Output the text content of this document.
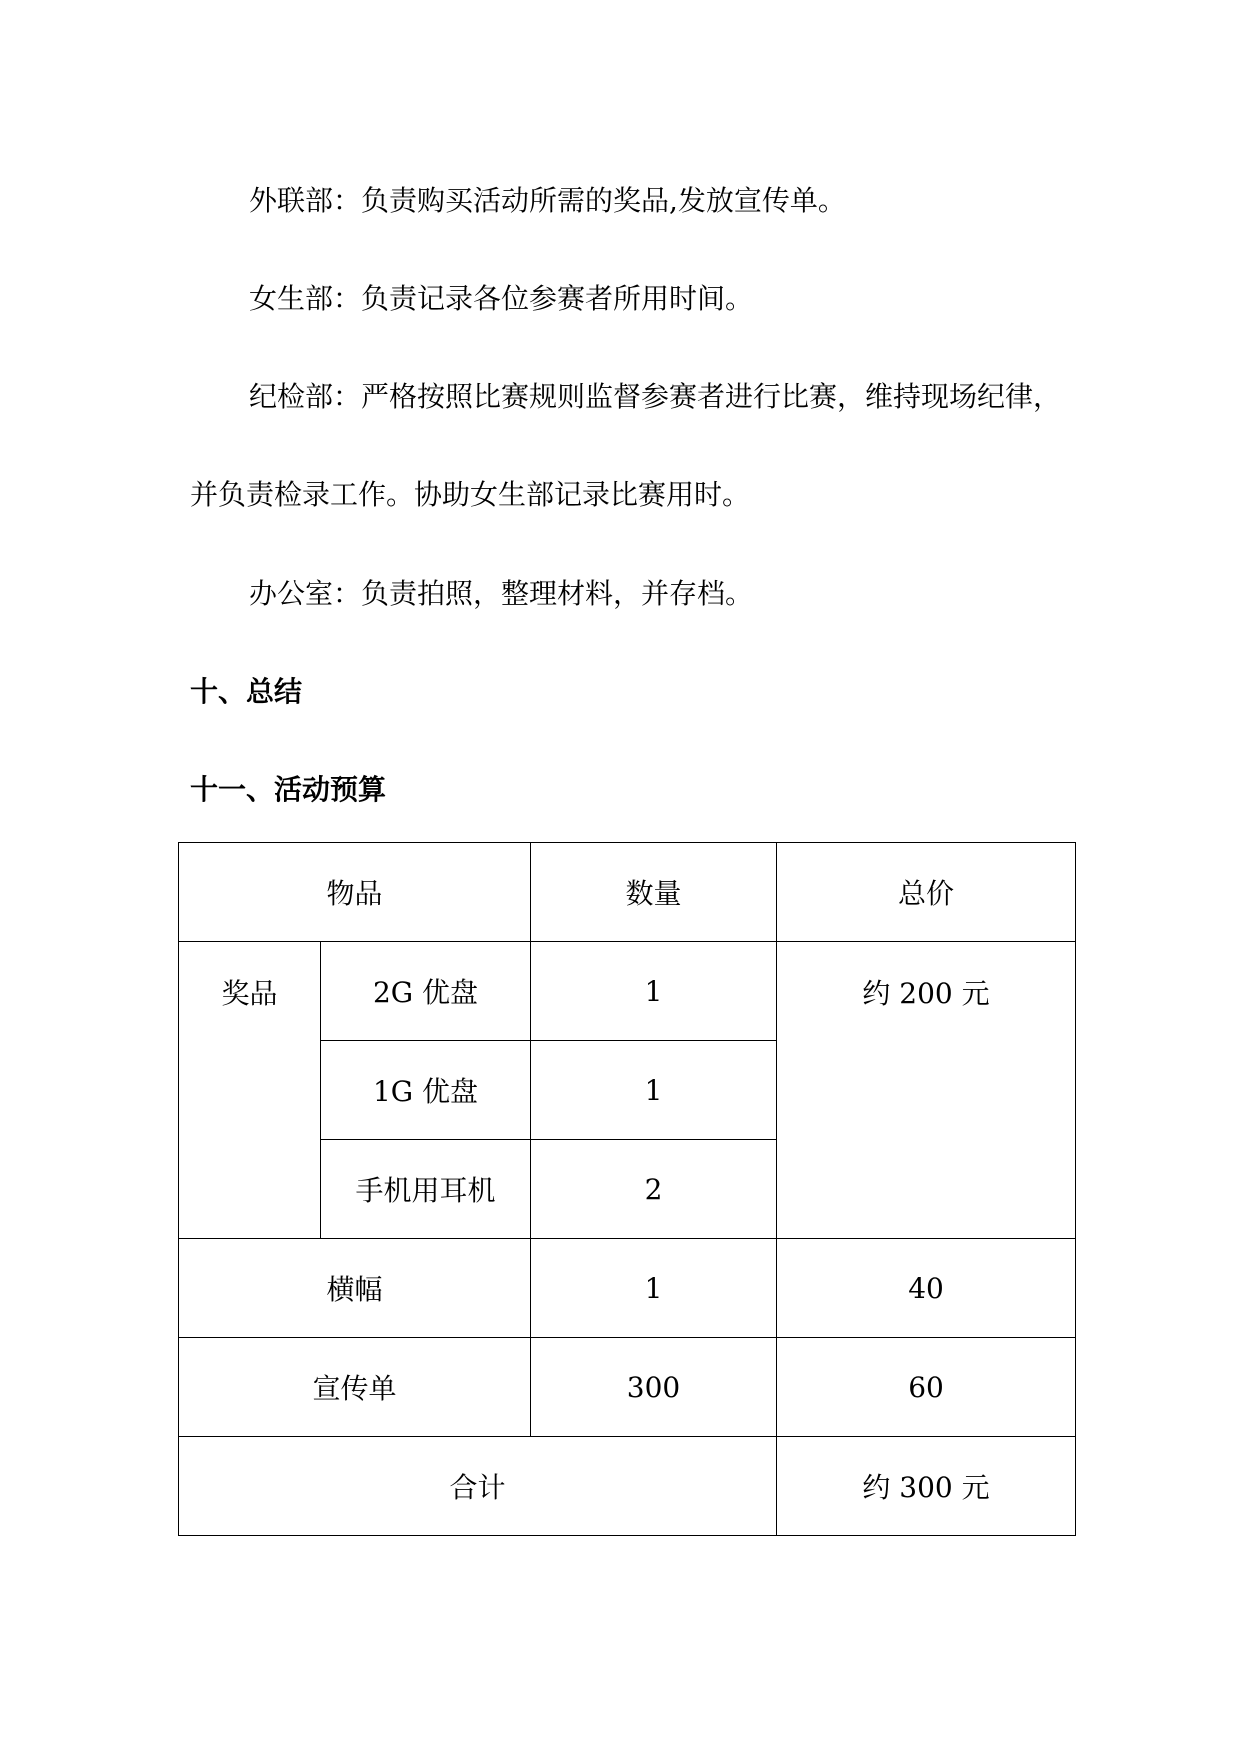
外联部：负责购买活动所需的奖品,发放宣传单。
女生部：负责记录各位参赛者所用时间。
纪检部：严格按照比赛规则监督参赛者进行比赛，维持现场纪律，
并负责检录工作。协助女生部记录比赛用时。
办公室：负责拍照，整理材料，并存档。
十、总结
十一、活动预算
物品		数量	总价
奖品	2G 优盘	1	约 200 元
	1G 优盘	1	
	手机用耳机	2	
横幅		1	40
宣传单		300	60
合计			约 300 元
